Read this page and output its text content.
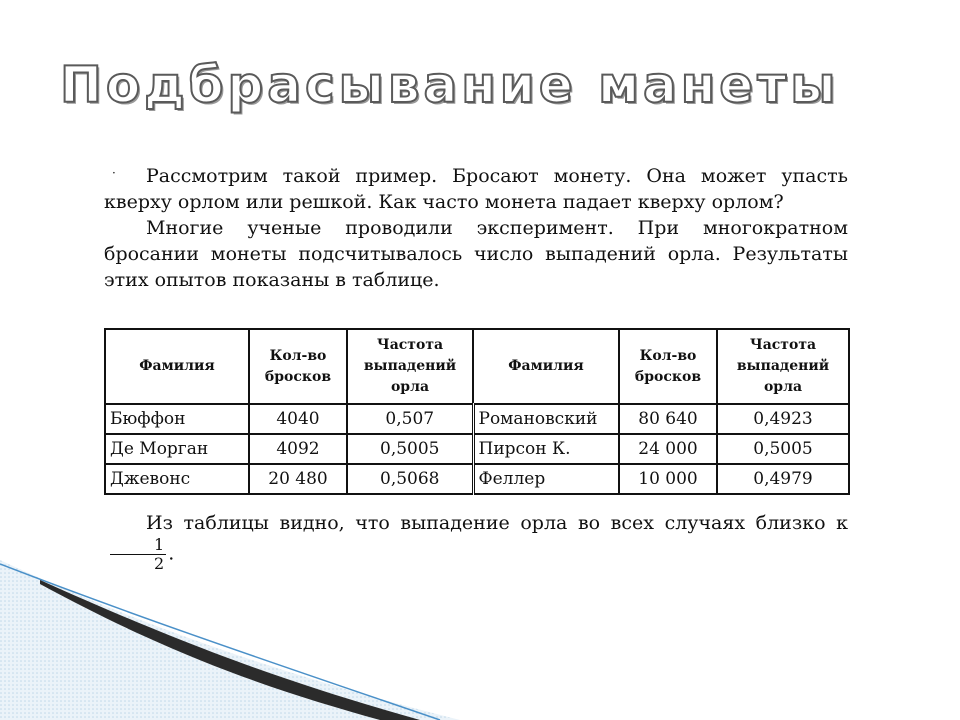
Подбрасывание манеты
·	Рассмотрим такой пример. Бросают монету. Она может упасть кверху орлом или решкой. Как часто монета падает кверху орлом?

Многие ученые проводили эксперимент. При многократном бросании монеты подсчитывалось число выпадений орла. Результаты этих опытов показаны в таблице.

Фамилия	Кол-во бросков	Частота выпадений орла	Фамилия	Кол-во бросков	Частота выпадений орла
Бюффон	4040	0,507	Романовский	80 640	0,4923
Де Морган	4092	0,5005	Пирсон К.	24 000	0,5005
Джевонс	20 480	0,5068	Феллер	10 000	0,4979

Из таблицы видно, что выпадение орла во всех случаях близко к
$\frac{1}{2}$ .
